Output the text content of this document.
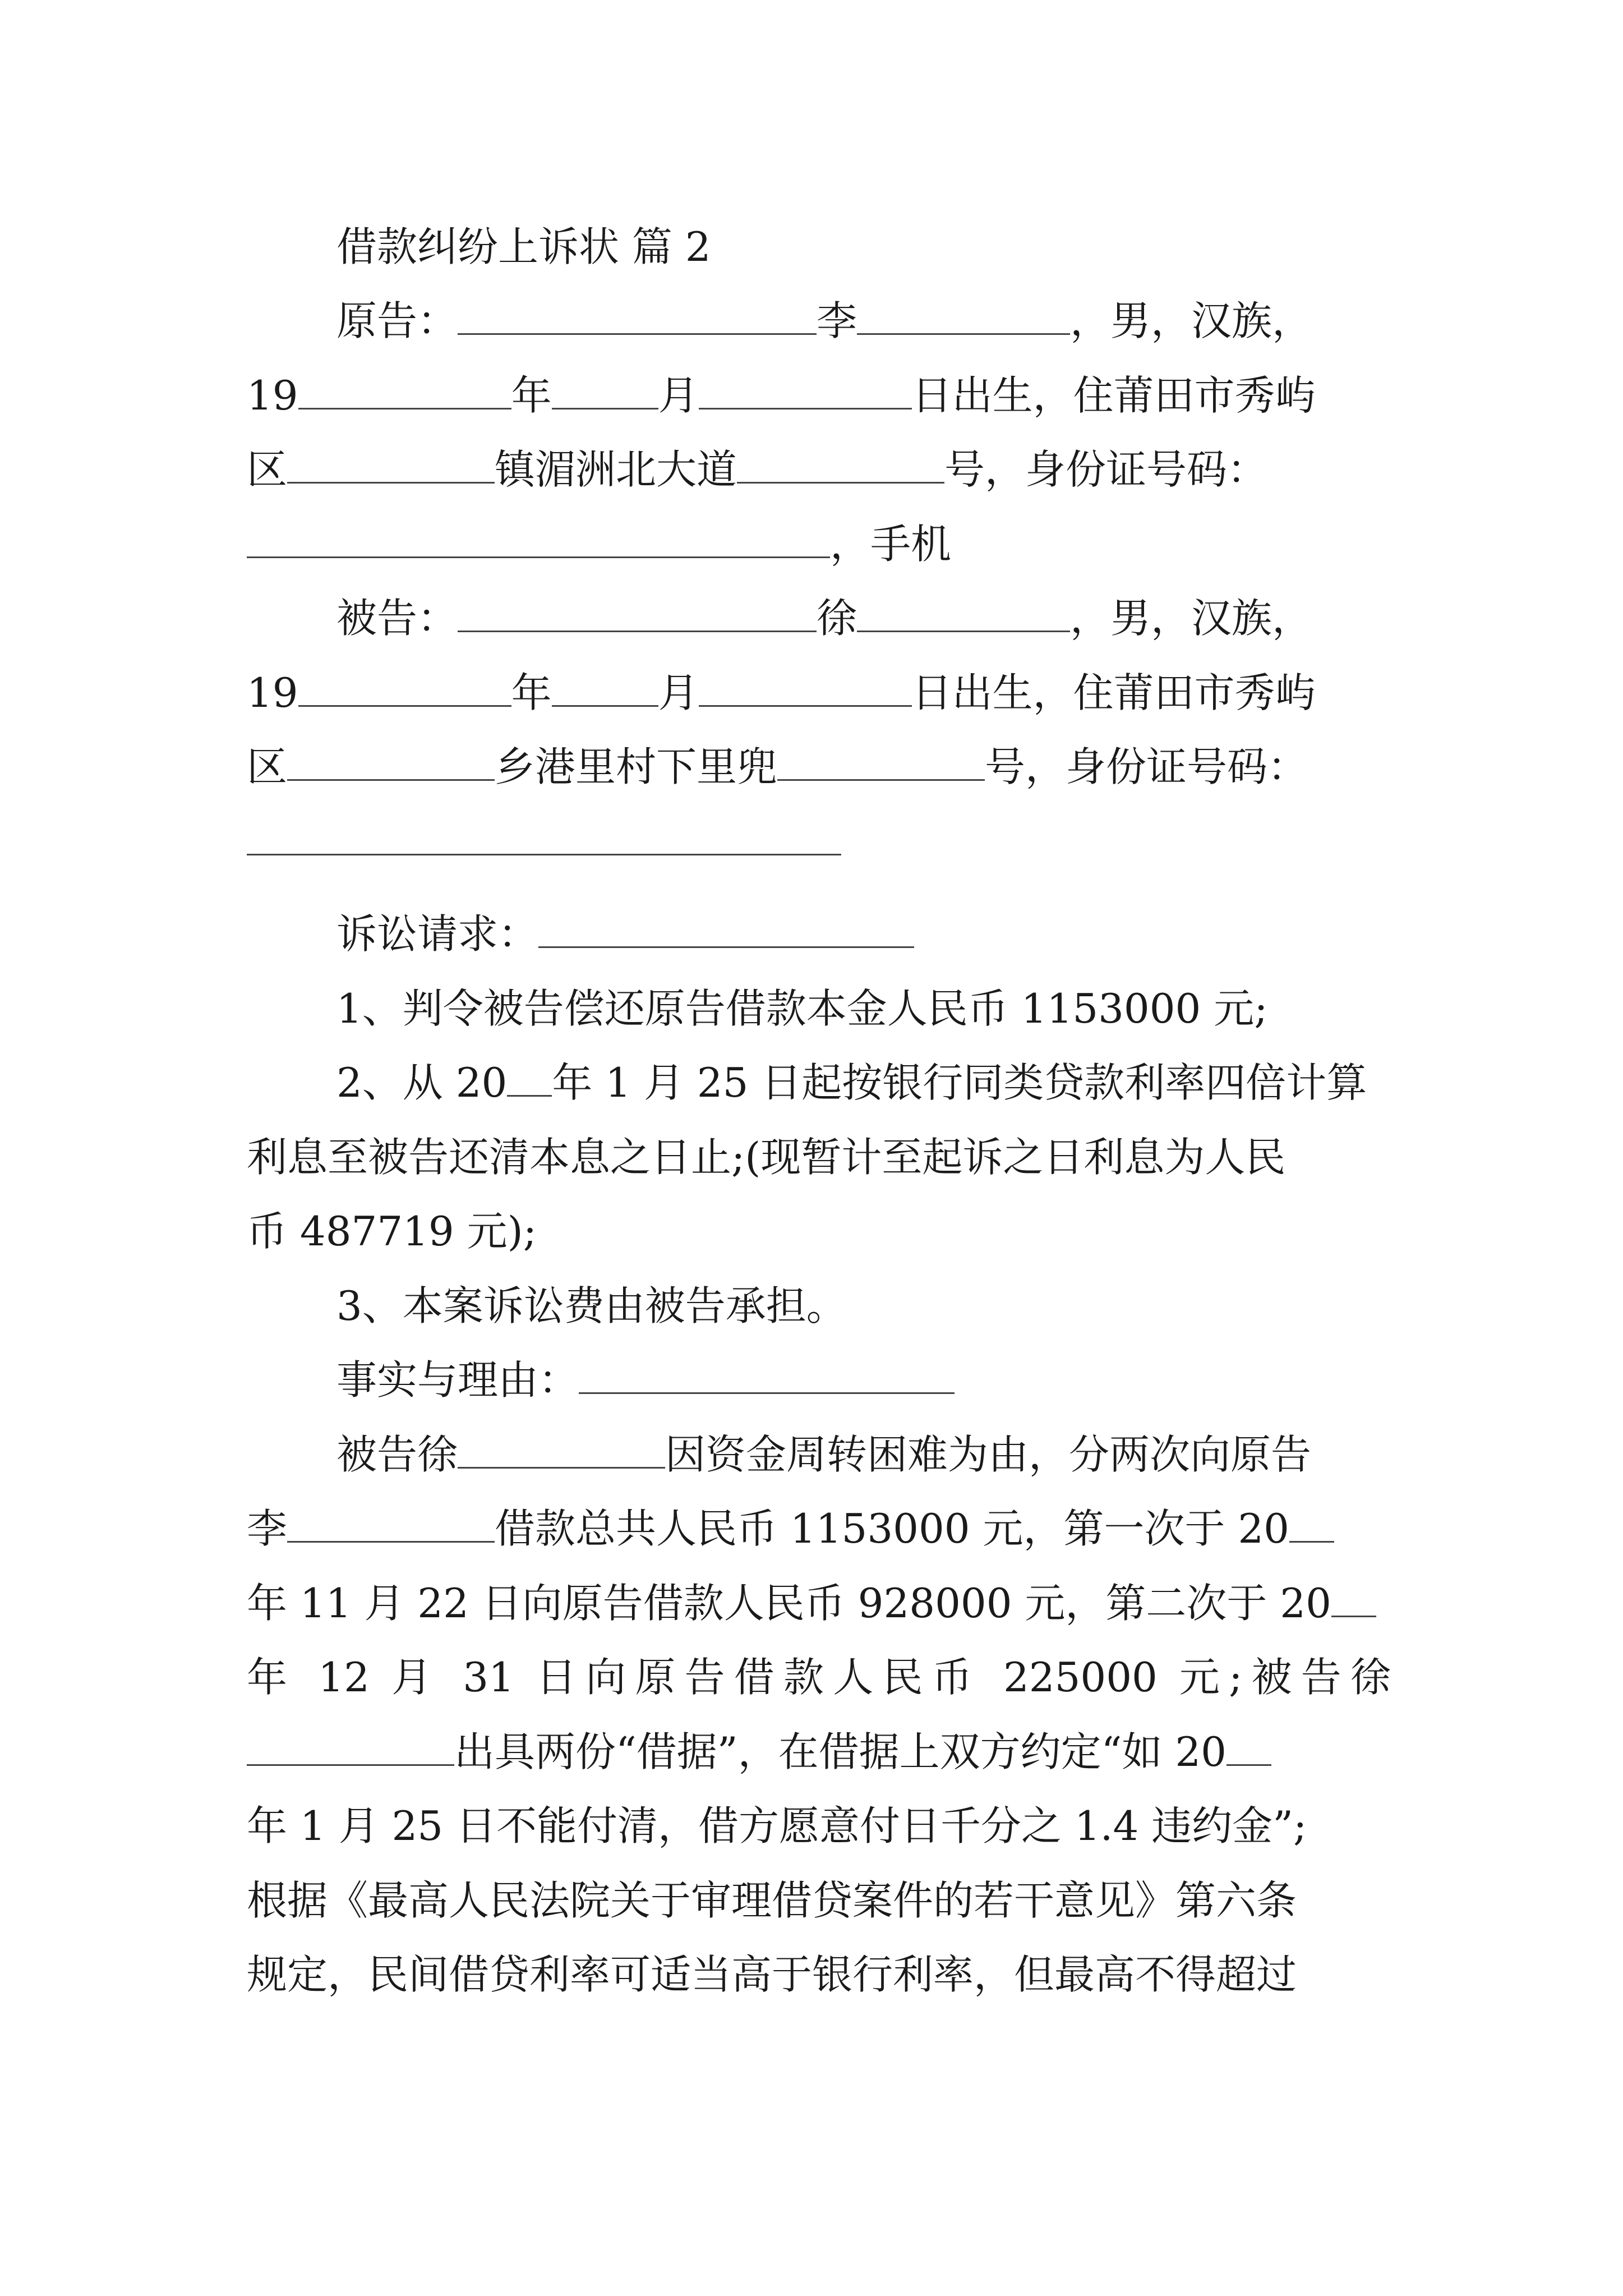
借款纠纷上诉状 篇 2
原告：	李	，男，汉族，
19	年	月	日出生，住莆田市秀屿
区	镇湄洲北大道	号，身份证号码：
，手机
被告：	徐	，男，汉族，
19	年	月	日出生，住莆田市秀屿
区	乡港里村下里兜	号，身份证号码：
诉讼请求：
1、判令被告偿还原告借款本金人民币 1153000 元;
2、从 20 年 1 月 25 日起按银行同类贷款利率四倍计算
利息至被告还清本息之日止;(现暂计至起诉之日利息为人民
币 487719 元);
3、本案诉讼费由被告承担。
事实与理由：
被告徐	因资金周转困难为由，分两次向原告
李	借款总共人民币 1153000 元，第一次于 20
年 11 月 22 日向原告借款人民币 928000 元，第二次于 20
年 12 月 31 日向原告借款人民币 225000 元;被告徐
出具两份“借据”，在借据上双方约定“如 20
年 1 月 25 日不能付清，借方愿意付日千分之 1.4 违约金”;
根据《最高人民法院关于审理借贷案件的若干意见》第六条
规定，民间借贷利率可适当高于银行利率，但最高不得超过
